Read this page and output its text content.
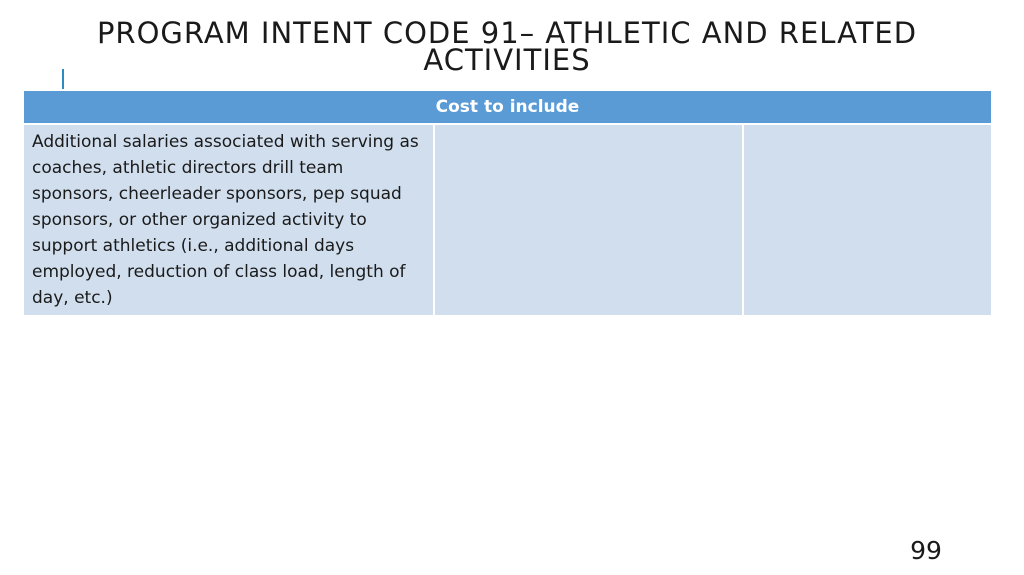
PROGRAM INTENT CODE 91– ATHLETIC AND RELATED ACTIVITIES
Cost to include
Additional salaries associated with serving as coaches, athletic directors drill team sponsors, cheerleader sponsors, pep squad sponsors, or other organized activity to support athletics (i.e., additional days employed, reduction of class load, length of day, etc.)		
99
